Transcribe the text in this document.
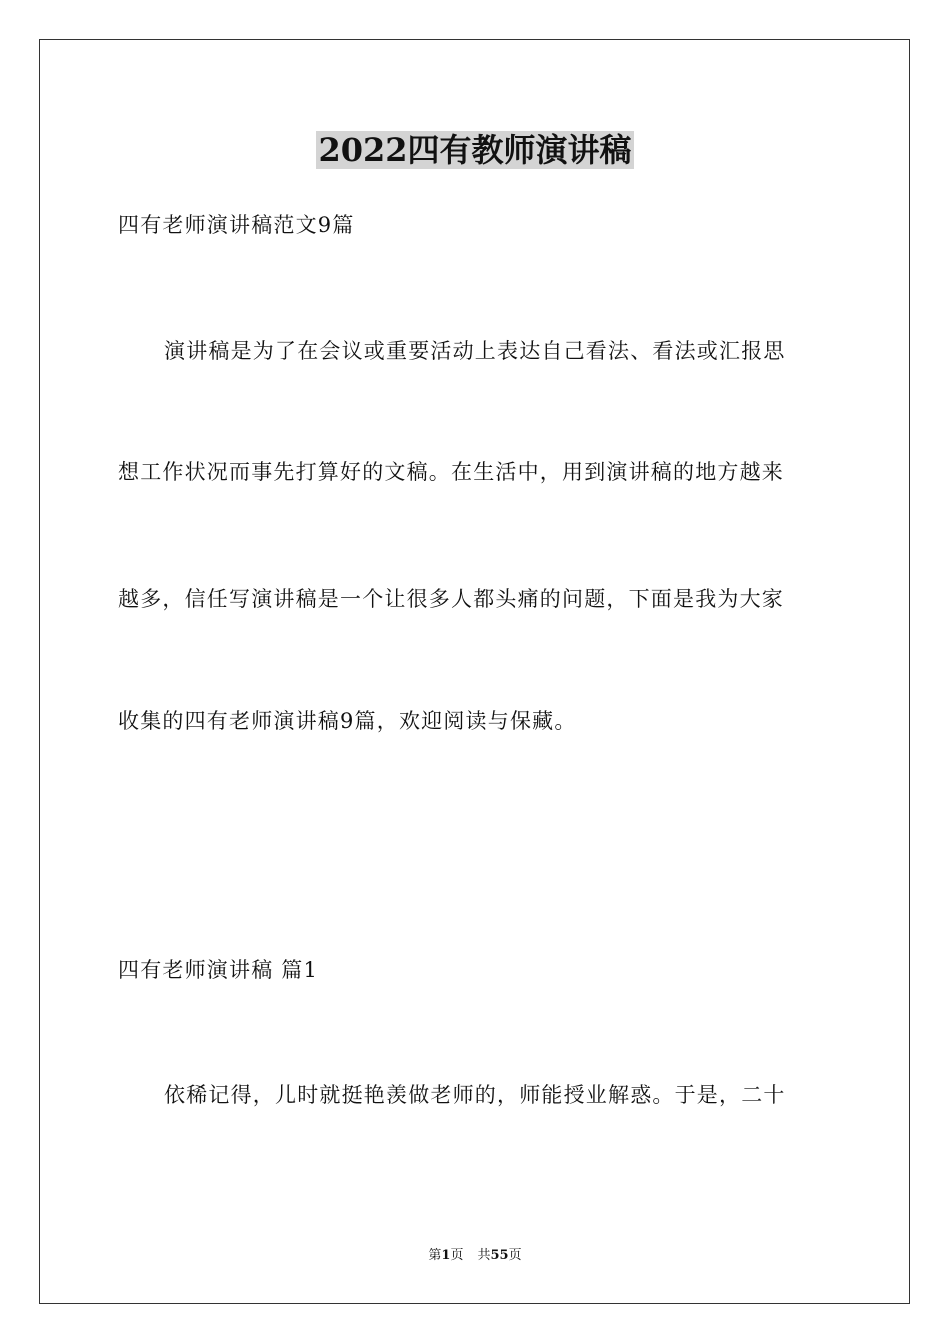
2022四有教师演讲稿
四有老师演讲稿范文9篇
演讲稿是为了在会议或重要活动上表达自己看法、看法或汇报思
想工作状况而事先打算好的文稿。在生活中，用到演讲稿的地方越来
越多，信任写演讲稿是一个让很多人都头痛的问题，下面是我为大家
收集的四有老师演讲稿9篇，欢迎阅读与保藏。
四有老师演讲稿 篇1
依稀记得，儿时就挺艳羡做老师的，师能授业解惑。于是，二十
第1页 共55页
